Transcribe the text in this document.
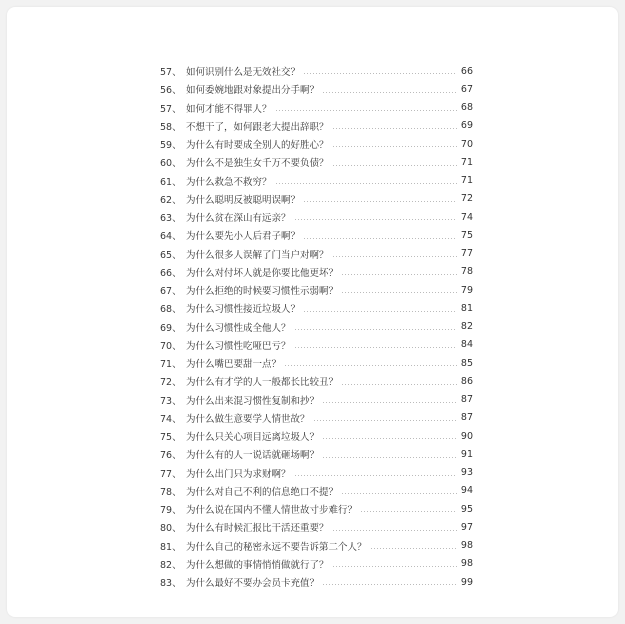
57、 如何识别什么是无效社交？	66
56、 如何委婉地跟对象提出分手啊？	67
57、 如何才能不得罪人？	68
58、 不想干了，如何跟老大提出辞职？	69
59、 为什么有时要成全别人的好胜心？	70
60、 为什么不是独生女千万不要负债？	71
61、 为什么救急不救穷？	71
62、 为什么聪明反被聪明误啊？	72
63、 为什么贫在深山有远亲？	74
64、 为什么要先小人后君子啊？	75
65、 为什么很多人误解了门当户对啊？	77
66、 为什么对付坏人就是你要比他更坏？	78
67、 为什么拒绝的时候要习惯性示弱啊？	79
68、 为什么习惯性接近垃圾人？	81
69、 为什么习惯性成全他人？	82
70、 为什么习惯性吃哑巴亏？	84
71、 为什么嘴巴要甜一点？	85
72、 为什么有才学的人一般都长比较丑？	86
73、 为什么出来混习惯性复制和抄？	87
74、 为什么做生意要学人情世故？	87
75、 为什么只关心项目远离垃圾人？	90
76、 为什么有的人一说话就砸场啊？	91
77、 为什么出门只为求财啊？	93
78、 为什么对自己不利的信息绝口不提？	94
79、 为什么说在国内不懂人情世故寸步难行？	95
80、 为什么有时候汇报比干活还重要？	97
81、 为什么自己的秘密永远不要告诉第二个人？	98
82、 为什么想做的事情悄悄做就行了？	98
83、 为什么最好不要办会员卡充值？	99
